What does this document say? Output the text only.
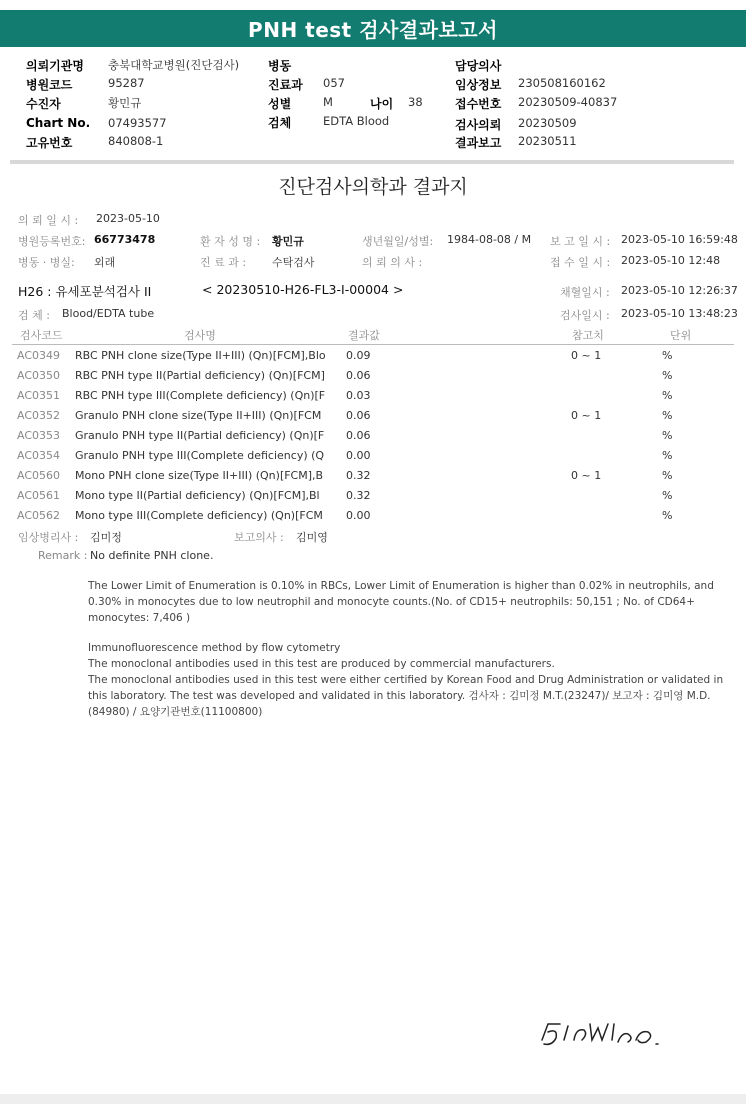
PNH test 검사결과보고서
의뢰기관명 충북대학교병원(진단검사)
병원코드	95287
수진자	황민규
Chart No. 07493577
고유번호	840808-1
병동
진료과 057
성별	M	나이 38
검체	EDTA Blood
담당의사
임상정보 230508160162
접수번호 20230509-40837
검사의뢰 20230509
결과보고 20230511
진단검사의학과 결과지
의 뢰 일 시 : 2023-05-10
병원등록번호: 66773478	환 자 성 명 : 황민규	생년월일/성별: 1984-08-08 / M 보 고 일 시 : 2023-05-10 16:59:48
병동 · 병실: 외래	진 료 과 : 수탁검사	의 뢰 의 사 :	접 수 일 시 : 2023-05-10 12:48
H26 : 유세포분석검사 II	< 20230510-H26-FL3-I-00004 >	채혈일시 : 2023-05-10 12:26:37
검 체 : Blood/EDTA tube	검사일시 : 2023-05-10 13:48:23
검사코드	검사명	결과값	참고치	단위
AC0349 RBC PNH clone size(Type II+III) (Qn)[FCM],Blo 0.09	0 ~ 1	%
AC0350 RBC PNH type II(Partial deficiency) (Qn)[FCM] 0.06	%
AC0351 RBC PNH type III(Complete deficiency) (Qn)[F 0.03	%
AC0352 Granulo PNH clone size(Type II+III) (Qn)[FCM 0.06	0 ~ 1	%
AC0353 Granulo PNH type II(Partial deficiency) (Qn)[F 0.06	%
AC0354 Granulo PNH type III(Complete deficiency) (Q 0.00	%
AC0560 Mono PNH clone size(Type II+III) (Qn)[FCM],B 0.32	0 ~ 1	%
AC0561 Mono type II(Partial deficiency) (Qn)[FCM],Bl 0.32	%
AC0562 Mono type III(Complete deficiency) (Qn)[FCM 0.00	%
임상병리사 : 김미정	보고의사 : 김미영
Remark : No definite PNH clone.
The Lower Limit of Enumeration is 0.10% in RBCs, Lower Limit of Enumeration is higher than 0.02% in neutrophils, and 0.30% in monocytes due to low neutrophil and monocyte counts.(No. of CD15+ neutrophils: 50,151 ; No. of CD64+ monocytes: 7,406 )
Immunofluorescence method by flow cytometry
The monoclonal antibodies used in this test are produced by commercial manufacturers.
The monoclonal antibodies used in this test were either certified by Korean Food and Drug Administration or validated in this laboratory. The test was developed and validated in this laboratory. 검사자 : 김미정 M.T.(23247)/ 보고자 : 김미영 M.D.(84980) / 요양기관번호(11100800)
